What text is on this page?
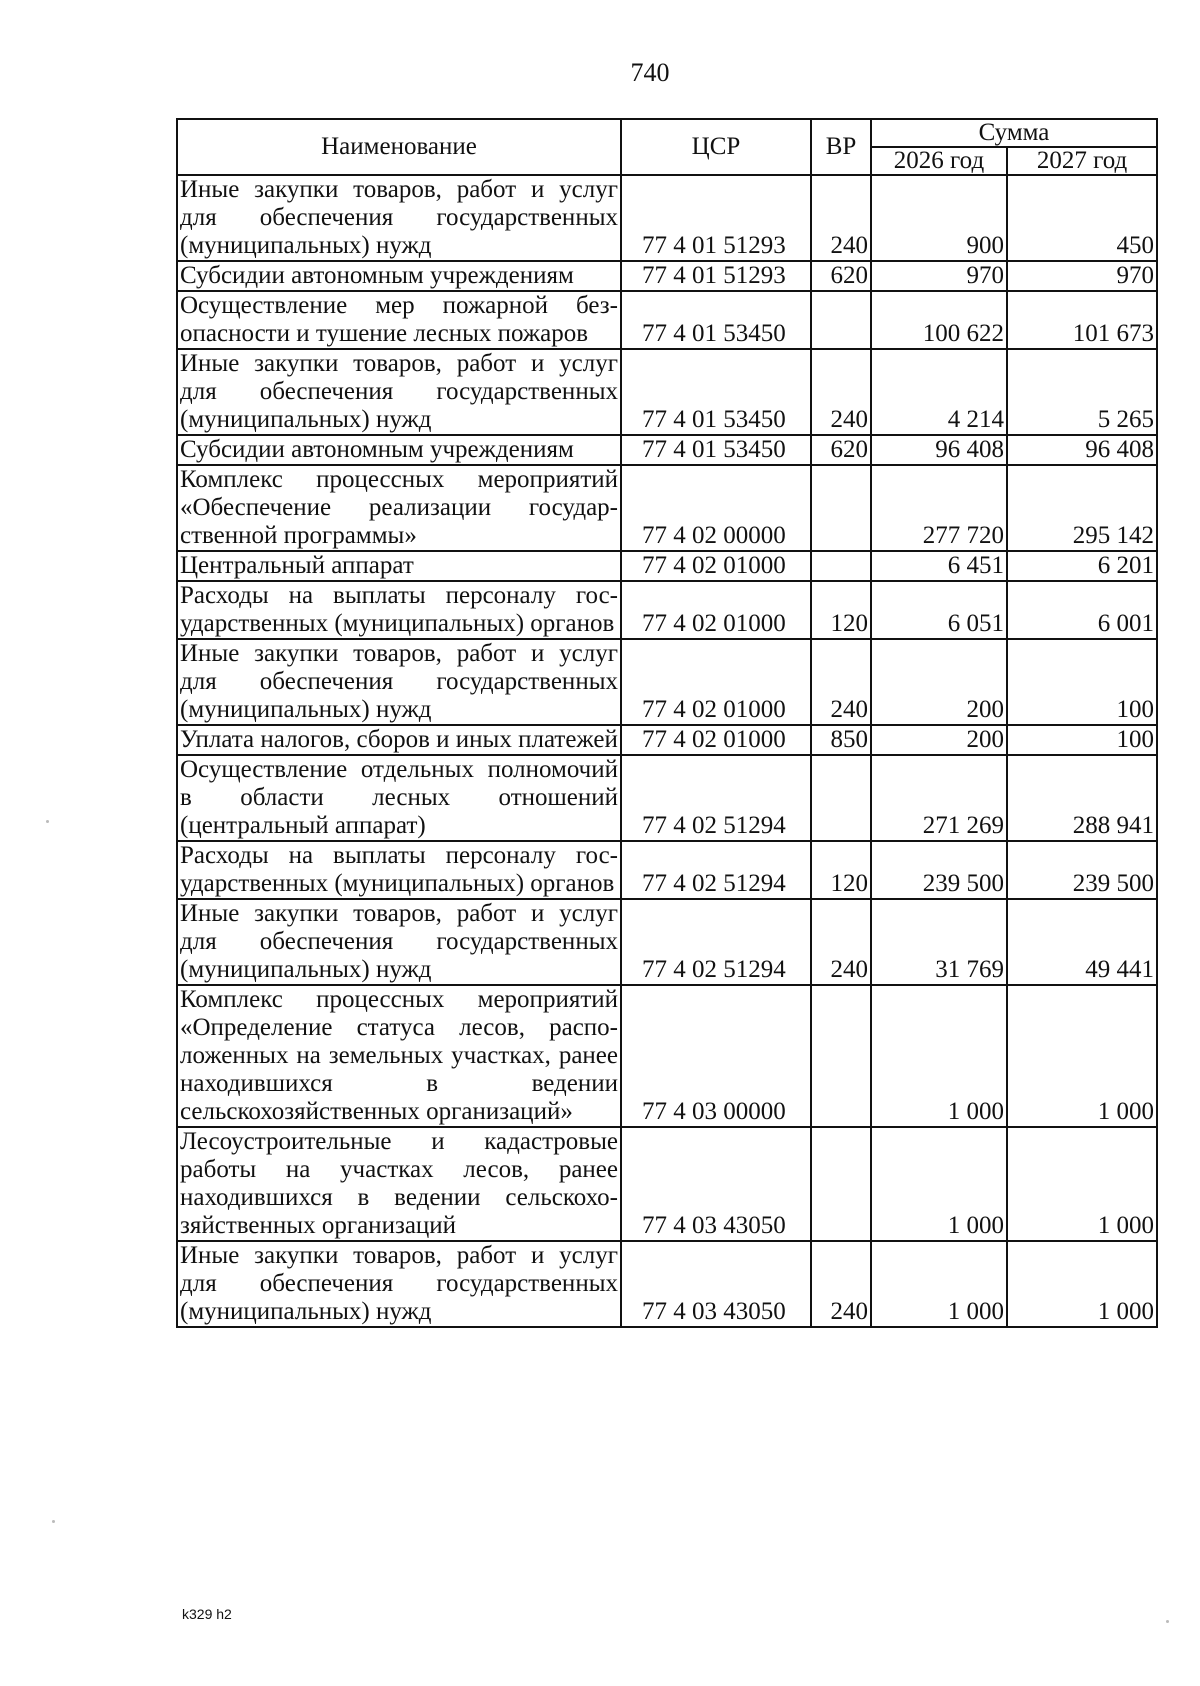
740
Наименование	ЦСР	ВР	Сумма	
			2026 год	2027 год
Иные закупки товаров, работ и услуг для обеспечения государственных (муниципальных) нужд	77 4 01 51293	240	900	450
Субсидии автономным учреждениям	77 4 01 51293	620	970	970
Осуществление мер пожарной безопасности и тушение лесных пожаров	77 4 01 53450		100 622	101 673
Иные закупки товаров, работ и услуг для обеспечения государственных (муниципальных) нужд	77 4 01 53450	240	4 214	5 265
Субсидии автономным учреждениям	77 4 01 53450	620	96 408	96 408
Комплекс процессных мероприятий «Обеспечение реализации государственной программы»	77 4 02 00000		277 720	295 142
Центральный аппарат	77 4 02 01000		6 451	6 201
Расходы на выплаты персоналу государственных (муниципальных) органов	77 4 02 01000	120	6 051	6 001
Иные закупки товаров, работ и услуг для обеспечения государственных (муниципальных) нужд	77 4 02 01000	240	200	100
Уплата налогов, сборов и иных платежей	77 4 02 01000	850	200	100
Осуществление отдельных полномочий в области лесных отношений (центральный аппарат)	77 4 02 51294		271 269	288 941
Расходы на выплаты персоналу государственных (муниципальных) органов	77 4 02 51294	120	239 500	239 500
Иные закупки товаров, работ и услуг для обеспечения государственных (муниципальных) нужд	77 4 02 51294	240	31 769	49 441
Комплекс процессных мероприятий «Определение статуса лесов, расположенных на земельных участках, ранее находившихся в ведении сельскохозяйственных организаций»	77 4 03 00000		1 000	1 000
Лесоустроительные и кадастровые работы на участках лесов, ранее находившихся в ведении сельскохозяйственных организаций	77 4 03 43050		1 000	1 000
Иные закупки товаров, работ и услуг для обеспечения государственных (муниципальных) нужд	77 4 03 43050	240	1 000	1 000
k329 h2
